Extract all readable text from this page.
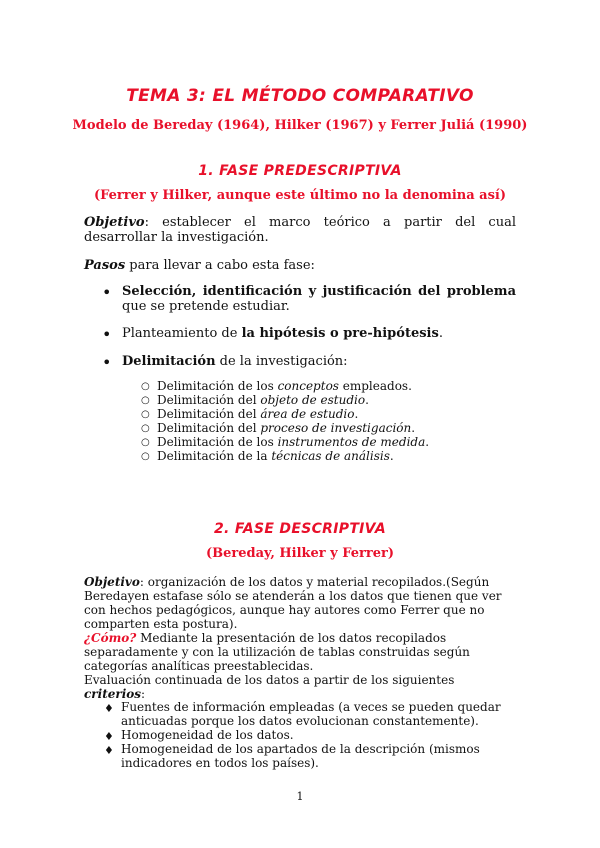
TEMA 3: EL MÉTODO COMPARATIVO
Modelo de Bereday (1964), Hilker (1967) y Ferrer Juliá (1990)
1. FASE PREDESCRIPTIVA
(Ferrer y Hilker, aunque este último no la denomina así)
Objetivo: establecer el marco teórico a partir del cual desarrollar la investigación.
Pasos para llevar a cabo esta fase:
• Selección, identificación y justificación del problema que se pretende estudiar.
• Planteamiento de la hipótesis o pre-hipótesis.
• Delimitación de la investigación:
○ Delimitación de los conceptos empleados.
○ Delimitación del objeto de estudio.
○ Delimitación del área de estudio.
○ Delimitación del proceso de investigación.
○ Delimitación de los instrumentos de medida.
○ Delimitación de la técnicas de análisis.
2. FASE DESCRIPTIVA
(Bereday, Hilker y Ferrer)
Objetivo: organización de los datos y material recopilados.(Según Beredayen estafase sólo se atenderán a los datos que tienen que ver con hechos pedagógicos, aunque hay autores como Ferrer que no comparten esta postura).
¿Cómo? Mediante la presentación de los datos recopilados separadamente y con la utilización de tablas construidas según categorías analíticas preestablecidas.
Evaluación continuada de los datos a partir de los siguientes criterios:
♦ Fuentes de información empleadas (a veces se pueden quedar anticuadas porque los datos evolucionan constantemente).
♦ Homogeneidad de los datos.
♦ Homogeneidad de los apartados de la descripción (mismos indicadores en todos los países).
1
